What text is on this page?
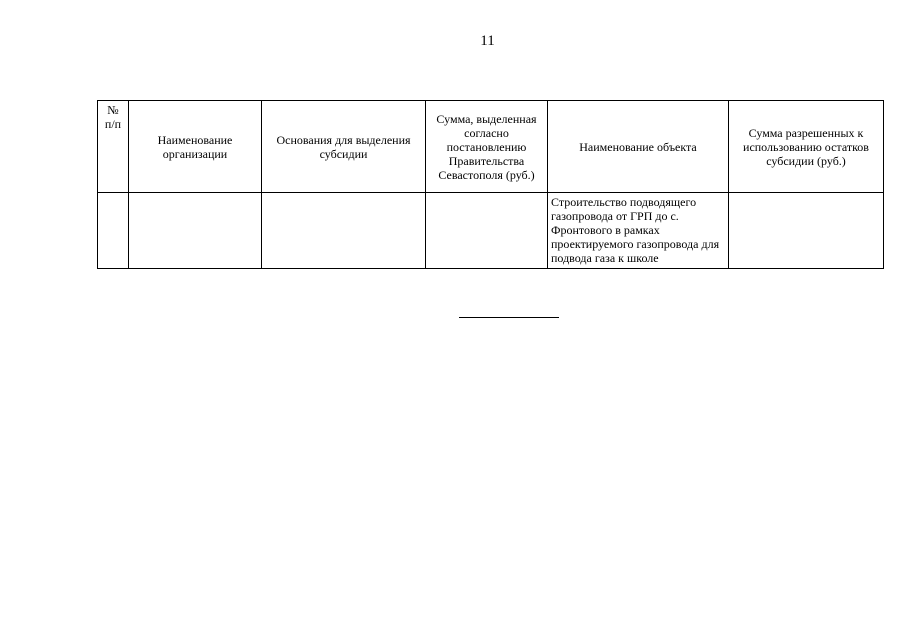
11
№ п/п	Наименование организации	Основания для выделения субсидии	Сумма, выделенная согласно постановлению Правительства Севастополя (руб.)	Наименование объекта	Сумма разрешенных к использованию остатков субсидии (руб.)
				Строительство подводящего газопровода от ГРП до с. Фронтового в рамках проектируемого газопровода для подвода газа к школе	
